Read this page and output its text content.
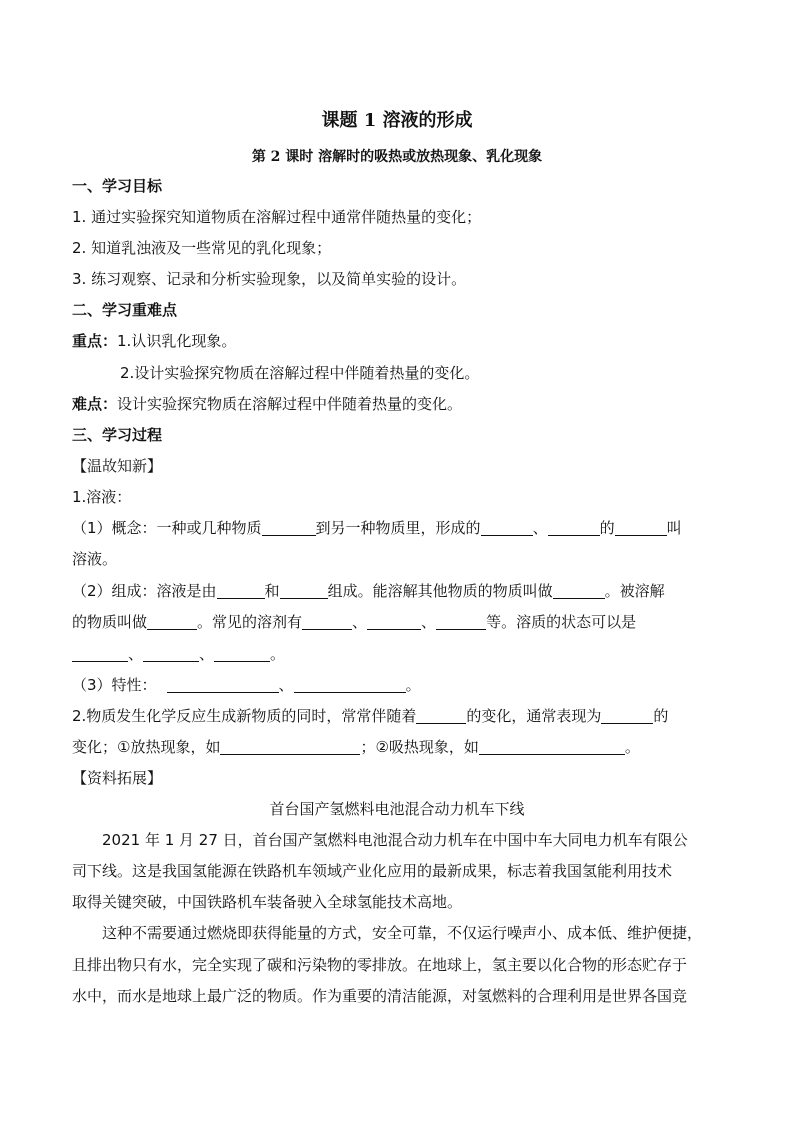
课题 1 溶液的形成
第 2 课时 溶解时的吸热或放热现象、乳化现象
一、学习目标
1. 通过实验探究知道物质在溶解过程中通常伴随热量的变化；
2. 知道乳浊液及一些常见的乳化现象；
3. 练习观察、记录和分析实验现象，以及简单实验的设计。
二、学习重难点
重点：1.认识乳化现象。
2.设计实验探究物质在溶解过程中伴随着热量的变化。
难点：设计实验探究物质在溶解过程中伴随着热量的变化。
三、学习过程
【温故知新】
1.溶液：
（1）概念：一种或几种物质	到另一种物质里，形成的	、	的	叫
溶液。
（2）组成：溶液是由	和	组成。能溶解其他物质的物质叫做	。被溶解
的物质叫做	。常见的溶剂有	、	、	等。溶质的状态可以是
、	、	。
（3）特性：	、	。
2.物质发生化学反应生成新物质的同时，常常伴随着	的变化，通常表现为	的
变化；①放热现象，如	；②吸热现象，如	。
【资料拓展】
首台国产氢燃料电池混合动力机车下线
2021 年 1 月 27 日，首台国产氢燃料电池混合动力机车在中国中车大同电力机车有限公
司下线。这是我国氢能源在铁路机车领域产业化应用的最新成果，标志着我国氢能利用技术
取得关键突破，中国铁路机车装备驶入全球氢能技术高地。
这种不需要通过燃烧即获得能量的方式，安全可靠，不仅运行噪声小、成本低、维护便捷，
且排出物只有水，完全实现了碳和污染物的零排放。在地球上，氢主要以化合物的形态贮存于
水中，而水是地球上最广泛的物质。作为重要的清洁能源，对氢燃料的合理利用是世界各国竞
